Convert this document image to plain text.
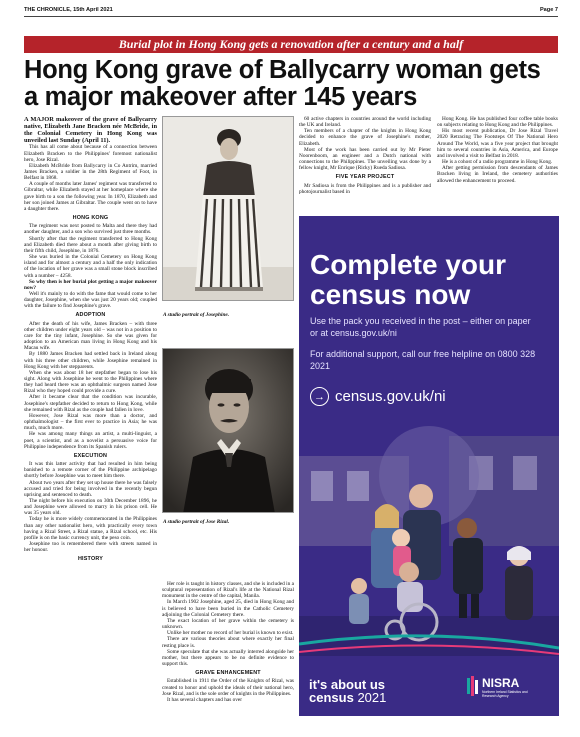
THE CHRONICLE, 15th April 2021	Page 7
Burial plot in Hong Kong gets a renovation after a century and a half
Hong Kong grave of Ballycarry woman gets a major makeover after 145 years

A MAJOR makeover of the grave of Ballycarry native, Elizabeth Jane Bracken née McBride, in the Colonial Cemetery in Hong Kong was unveiled last Sunday (April 11).

This has all come about because of a connection between Elizabeth Bracken to the Philippines' foremost nationalist hero, Jose Rizal.

Elizabeth McBride from Ballycarry in Co Antrim, married James Bracken, a soldier in the 28th Regiment of Foot, in Belfast in 1868.

A couple of months later James' regiment was transferred to Gibraltar, while Elizabeth stayed at her homeplace where she gave birth to a son the following year. In 1870, Elizabeth and her son joined James at Gibraltar. The couple went on to have a daughter there.

HONG KONG

The regiment was next posted to Malta and there they had another daughter, and a son who survived just three months.

Shortly after that the regiment transferred to Hong Kong and Elizabeth died there about a month after giving birth to their fifth child, Josephine, in 1876.

She was buried in the Colonial Cemetery on Hong Kong island and for almost a century and a half the only indication of the location of her grave was a small stone block inscribed with a number – 4258.

So why then is her burial plot getting a major makeover now?

Well it's mainly to do with the fame that would come to her daughter, Josephine, when she was just 20 years old; coupled with the failure to find Josephine's grave.

ADOPTION

After the death of his wife, James Bracken – with three other children under eight years old – was not in a position to care for the tiny infant, Josephine. So she was given for adoption to an American man living in Hong Kong and his Macau wife.

By 1880 James Bracken had settled back in Ireland along with his three other children, while Josephine remained in Hong Kong with her stepparents.

When she was about 18 her stepfather began to lose his sight. Along with Josephine he went to the Philippines where they had heard there was an ophthalmic surgeon named Jose Rizal who they hoped could provide a cure.

After it became clear that the condition was incurable, Josephine's stepfather decided to return to Hong Kong, while she remained with Rizal as the couple had fallen in love.

However, Jose Rizal was more than a doctor, and ophthalmologist – the first ever to practice in Asia; he was much, much more.

He was among many things an artist, a multi-linguist, a poet, a scientist, and as a novelist a persuasive voice for Philippine independence from its Spanish rulers.

EXECUTION

It was this latter activity that had resulted in him being banished to a remote corner of the Philippine archipelago shortly before Josephine was to meet him there.

About two years after they set up house there he was falsely accused and tried for being involved in the recently begun uprising and sentenced to death.

The night before his execution on 30th December 1896, he and Josephine were allowed to marry in his prison cell. He was 35 years old.

Today he is more widely commemorated in the Philippines than any other nationalist hero, with practically every town having a Rizal Street, a Rizal statue, a Rizal school, etc. His profile is on the basic currency unit, the peso coin.

Josephine too is remembered there with streets named in her honour.

HISTORY

60 active chapters in countries around the world including the UK and Ireland.

Ten members of a chapter of the knights in Hong Kong decided to enhance the grave of Josephine's mother, Elizabeth.

Most of the work has been carried out by Mr Pieter Noorenboom, an engineer and a Dutch national with connections to the Philippines. The unveiling was done by a fellow knight, Mr Enrique (Ricky) Rueda Sadiosa.

FIVE YEAR PROJECT

Mr Sadiosa is from the Philippines and is a publisher and photojournalist based in

Hong Kong. He has published four coffee table books on subjects relating to Hong Kong and the Philippines.

His most recent publication, Dr Jose Rizal Travel 2020 Retracing The Footsteps Of The National Hero Around The World, was a five year project that brought him to several countries in Asia, America, and Europe and involved a visit to Belfast in 2018.

He is a cohost of a radio programme in Hong Kong.

After getting permission from descendants of James Bracken living in Ireland, the cemetery authorities allowed the enhancement to proceed.

Her role is taught in history classes, and she is included in a sculptural representation of Rizal's life at the National Rizal monument in the centre of the capital, Manila.

In March 1902 Josephine, aged 25, died in Hong Kong and is believed to have been buried in the Catholic Cemetery adjoining the Colonial Cemetery there.

The exact location of her grave within the cemetery is unknown.

Unlike her mother no record of her burial is known to exist.

There are various theories about where exactly her final resting place is.

Some speculate that she was actually interred alongside her mother, but there appears to be no definite evidence to support this.

GRAVE ENHANCEMENT

Established in 1911 the Order of the Knights of Rizal, was created to honor and uphold the ideals of their national hero, Jose Rizal, and is the sole order of knights in the Philippines.

It has several chapters and has over

A studio portrait of Josephine.
A studio portrait of Jose Rizal.
Complete your
census now
Use the pack you received in the post – either on paper or at census.gov.uk/ni
For additional support, call our free helpline on 0800 328 2021
→ census.gov.uk/ni
it's about us
census 2021
NISRA
Northern Ireland Statistics and Research Agency
